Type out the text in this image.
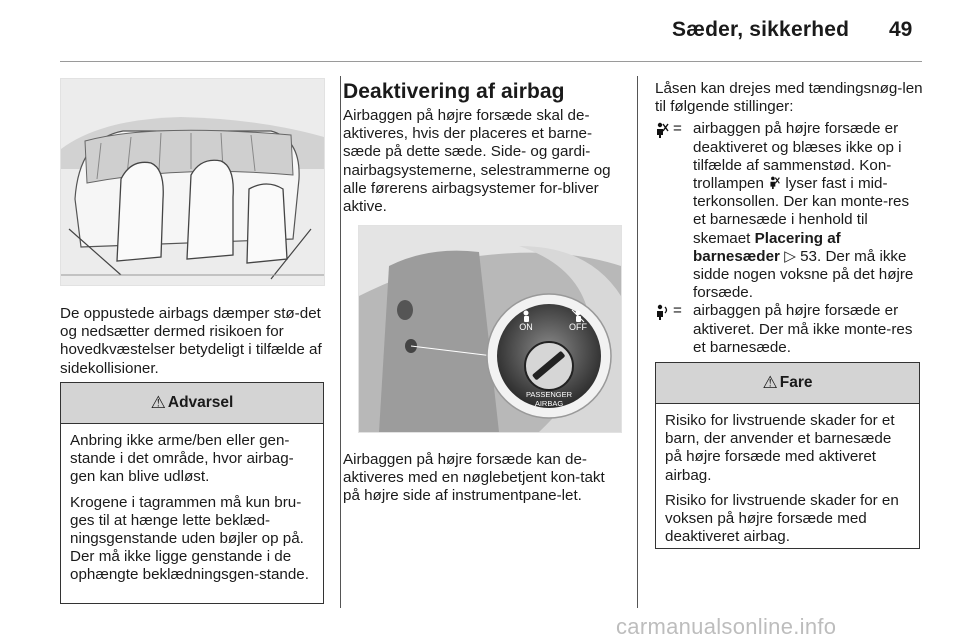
Sæder, sikkerhed 49

De oppustede airbags dæmper stø-det og nedsætter dermed risikoen for hovedkvæstelser betydeligt i tilfælde af sidekollisioner.

⚠ Advarsel

Anbring ikke arme/ben eller gen-stande i det område, hvor airbag-gen kan blive udløst.

Krogene i tagrammen må kun bru-ges til at hænge lette beklæd-ningsgenstande uden bøjler op på. Der må ikke ligge genstande i de ophængte beklædningsgen-stande.

Deaktivering af airbag

Airbaggen på højre forsæde skal de-aktiveres, hvis der placeres et barne-sæde på dette sæde. Side- og gardi-nairbagsystemerne, selestrammerne og alle førerens airbagsystemer for-bliver aktive.

ON	OFF
PASSENGER
AIRBAG

Airbaggen på højre forsæde kan de-aktiveres med en nøglebetjent kon-takt på højre side af instrumentpane-let.

Låsen kan drejes med tændingsnøg-len til følgende stillinger:

= airbaggen på højre forsæde er deaktiveret og blæses ikke op i tilfælde af sammenstød. Kon-trollampen lyser fast i mid-terkonsollen. Der kan monte-res et barnesæde i henhold til skemaet Placering af barnesæder ▷ 53. Der må ikke sidde nogen voksne på det højre forsæde.
= airbaggen på højre forsæde er aktiveret. Der må ikke monte-res et barnesæde.
⚠ Fare

Risiko for livstruende skader for et barn, der anvender et barnesæde på højre forsæde med aktiveret airbag.

Risiko for livstruende skader for en voksen på højre forsæde med deaktiveret airbag.

carmanualsonline.info
